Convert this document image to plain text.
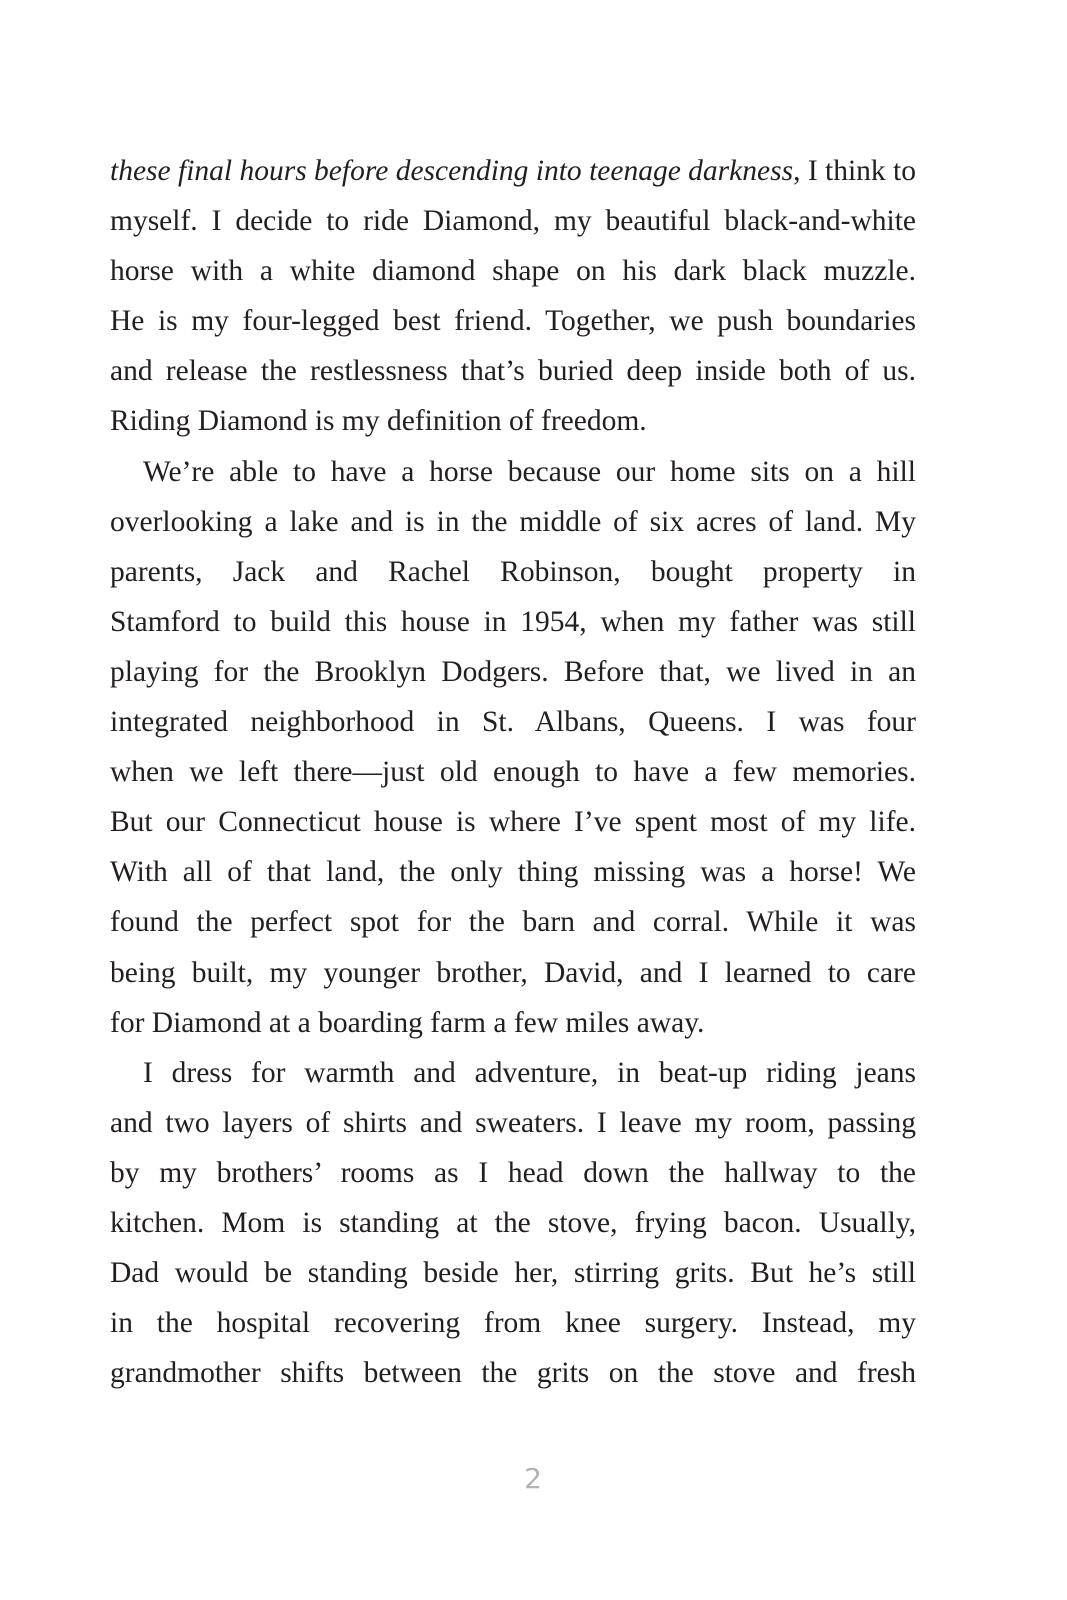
these final hours before descending into teenage darkness, I think to
myself. I decide to ride Diamond, my beautiful black-and-white
horse with a white diamond shape on his dark black muzzle.
He is my four-legged best friend. Together, we push boundaries
and release the restlessness that’s buried deep inside both of us.
Riding Diamond is my definition of freedom.
We’re able to have a horse because our home sits on a hill
overlooking a lake and is in the middle of six acres of land. My
parents, Jack and Rachel Robinson, bought property in
Stamford to build this house in 1954, when my father was still
playing for the Brooklyn Dodgers. Before that, we lived in an
integrated neighborhood in St. Albans, Queens. I was four
when we left there—just old enough to have a few memories.
But our Connecticut house is where I’ve spent most of my life.
With all of that land, the only thing missing was a horse! We
found the perfect spot for the barn and corral. While it was
being built, my younger brother, David, and I learned to care
for Diamond at a boarding farm a few miles away.
I dress for warmth and adventure, in beat-up riding jeans
and two layers of shirts and sweaters. I leave my room, passing
by my brothers’ rooms as I head down the hallway to the
kitchen. Mom is standing at the stove, frying bacon. Usually,
Dad would be standing beside her, stirring grits. But he’s still
in the hospital recovering from knee surgery. Instead, my
grandmother shifts between the grits on the stove and fresh
2
